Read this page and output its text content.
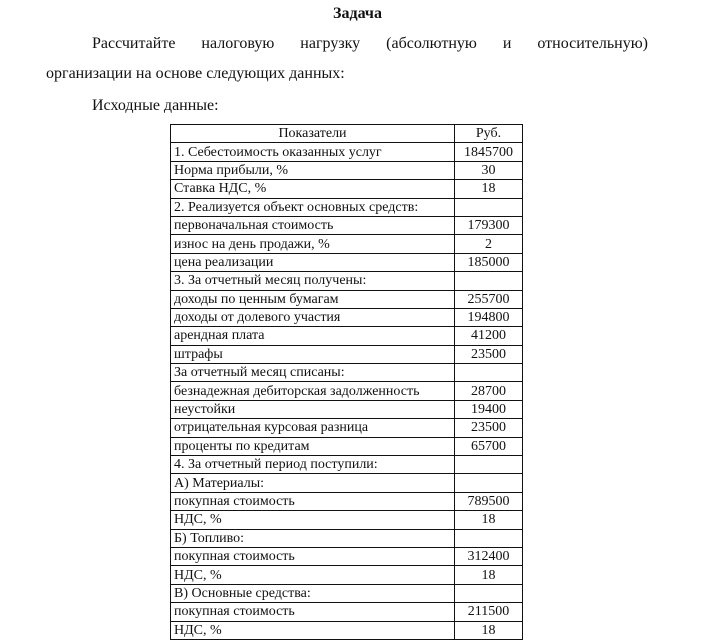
Задача
Рассчитайте налоговую нагрузку (абсолютную и относительную)
организации на основе следующих данных:
Исходные данные:
Показатели	Руб.
1. Себестоимость оказанных услуг	1845700
Норма прибыли, %	30
Ставка НДС, %	18
2. Реализуется объект основных средств:	
первоначальная стоимость	179300
износ на день продажи, %	2
цена реализации	185000
3. За отчетный месяц получены:	
доходы по ценным бумагам	255700
доходы от долевого участия	194800
арендная плата	41200
штрафы	23500
За отчетный месяц списаны:	
безнадежная дебиторская задолженность	28700
неустойки	19400
отрицательная курсовая разница	23500
проценты по кредитам	65700
4. За отчетный период поступили:	
А) Материалы:	
покупная стоимость	789500
НДС, %	18
Б) Топливо:	
покупная стоимость	312400
НДС, %	18
В) Основные средства:	
покупная стоимость	211500
НДС, %	18
